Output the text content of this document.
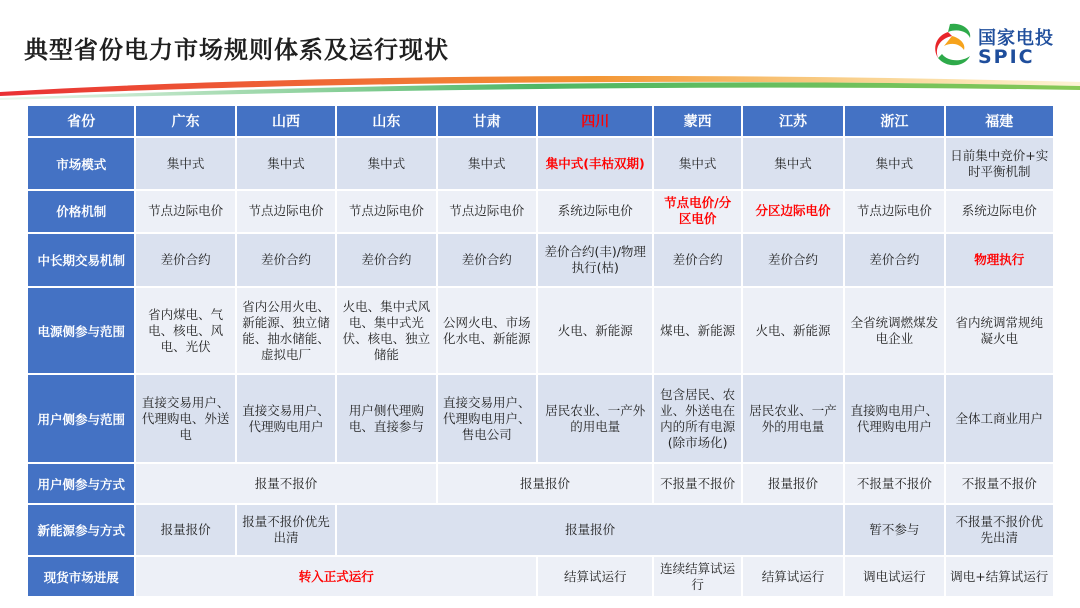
典型省份电力市场规则体系及运行现状	国家电投
SPIC
省份	广东	山西	山东	甘肃	四川	蒙西	江苏	浙江	福建
市场模式	集中式	集中式	集中式	集中式	集中式(丰枯双期)	集中式	集中式	集中式	日前集中竞价+实时平衡机制
价格机制	节点边际电价	节点边际电价	节点边际电价	节点边际电价	系统边际电价	节点电价/分区电价	分区边际电价	节点边际电价	系统边际电价
中长期交易机制	差价合约	差价合约	差价合约	差价合约	差价合约(丰)/物理执行(枯)	差价合约	差价合约	差价合约	物理执行
电源侧参与范围	省内煤电、气电、核电、风电、光伏	省内公用火电、新能源、独立储能、抽水储能、虚拟电厂	火电、集中式风电、集中式光伏、核电、独立储能	公网火电、市场化水电、新能源	火电、新能源	煤电、新能源	火电、新能源	全省统调燃煤发电企业	省内统调常规纯凝火电
用户侧参与范围	直接交易用户、代理购电、外送电	直接交易用户、代理购电用户	用户侧代理购电、直接参与	直接交易用户、代理购电用户、售电公司	居民农业、一产外的用电量	包含居民、农业、外送电在内的所有电源(除市场化)	居民农业、一产外的用电量	直接购电用户、代理购电用户	全体工商业用户
用户侧参与方式	报量不报价			报量报价		不报量不报价	报量报价	不报量不报价	不报量不报价
新能源参与方式	报量报价	报量不报价优先出清	报量报价					暂不参与	不报量不报价优先出清
现货市场进展	转入正式运行				结算试运行	连续结算试运行	结算试运行	调电试运行	调电+结算试运行
